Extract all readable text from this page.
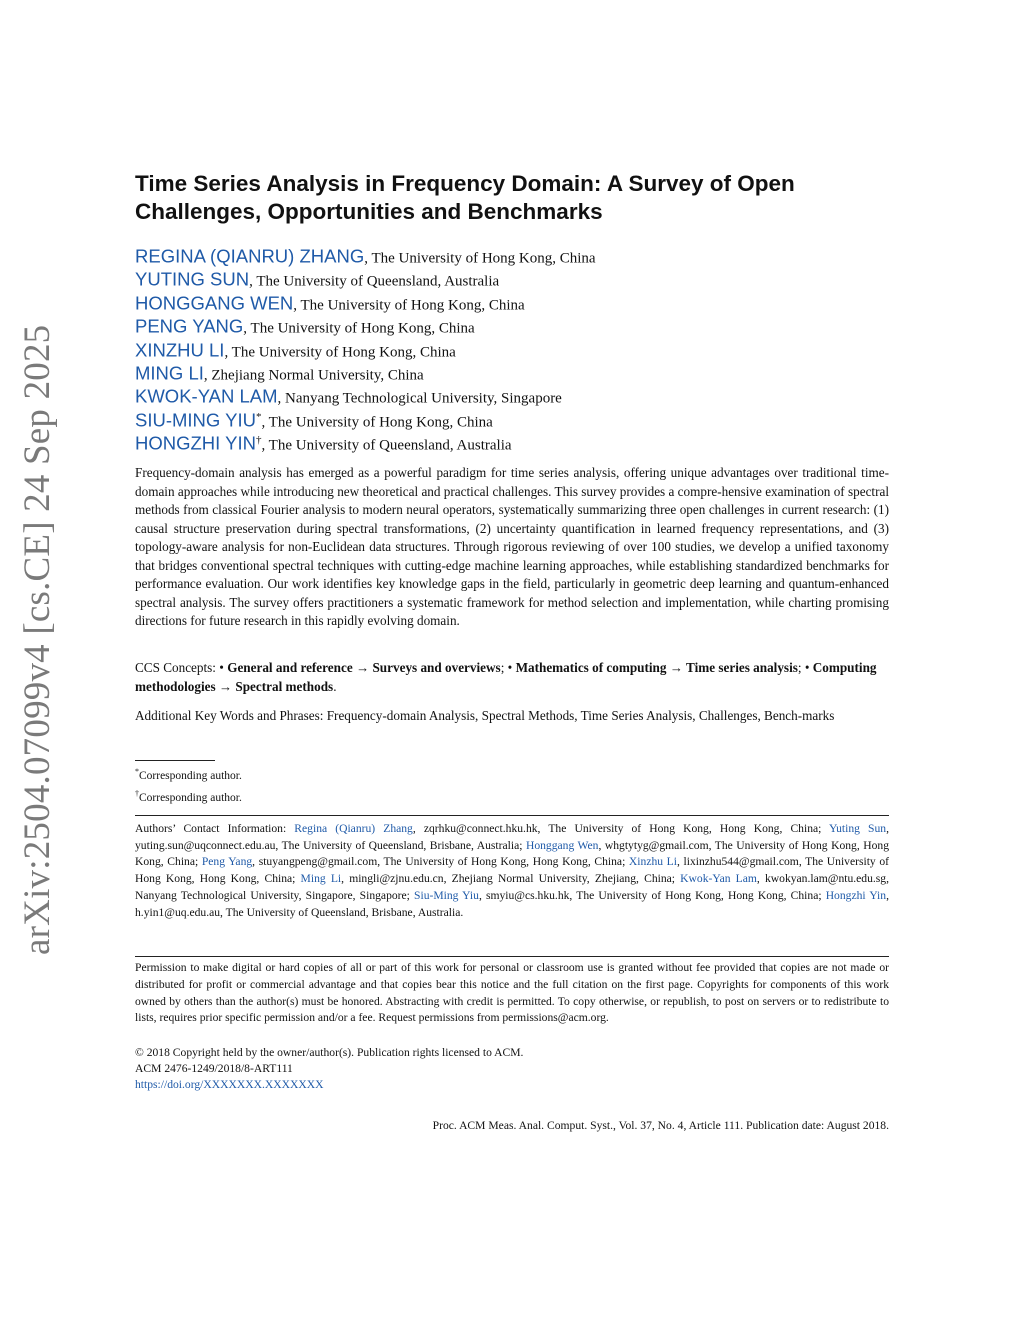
arXiv:2504.07099v4 [cs.CE] 24 Sep 2025
Time Series Analysis in Frequency Domain: A Survey of Open
Challenges, Opportunities and Benchmarks
REGINA (QIANRU) ZHANG, The University of Hong Kong, China
YUTING SUN, The University of Queensland, Australia
HONGGANG WEN, The University of Hong Kong, China
PENG YANG, The University of Hong Kong, China
XINZHU LI, The University of Hong Kong, China
MING LI, Zhejiang Normal University, China
KWOK-YAN LAM, Nanyang Technological University, Singapore
SIU-MING YIU*, The University of Hong Kong, China
HONGZHI YIN†, The University of Queensland, Australia

Frequency-domain analysis has emerged as a powerful paradigm for time series analysis, offering unique advantages over traditional time-domain approaches while introducing new theoretical and practical challenges. This survey provides a compre-hensive examination of spectral methods from classical Fourier analysis to modern neural operators, systematically summarizing three open challenges in current research: (1) causal structure preservation during spectral transformations, (2) uncertainty quantification in learned frequency representations, and (3) topology-aware analysis for non-Euclidean data structures. Through rigorous reviewing of over 100 studies, we develop a unified taxonomy that bridges conventional spectral techniques with cutting-edge machine learning approaches, while establishing standardized benchmarks for performance evaluation. Our work identifies key knowledge gaps in the field, particularly in geometric deep learning and quantum-enhanced spectral analysis. The survey offers practitioners a systematic framework for method selection and implementation, while charting promising directions for future research in this rapidly evolving domain.

CCS Concepts: • General and reference → Surveys and overviews; • Mathematics of computing → Time series analysis; • Computing methodologies → Spectral methods.

Additional Key Words and Phrases: Frequency-domain Analysis, Spectral Methods, Time Series Analysis, Challenges, Bench-marks

*Corresponding author.
†Corresponding author.

Authors’ Contact Information: Regina (Qianru) Zhang, zqrhku@connect.hku.hk, The University of Hong Kong, Hong Kong, China; Yuting Sun, yuting.sun@uqconnect.edu.au, The University of Queensland, Brisbane, Australia; Honggang Wen, whgtytyg@gmail.com, The University of Hong Kong, Hong Kong, China; Peng Yang, stuyangpeng@gmail.com, The University of Hong Kong, Hong Kong, China; Xinzhu Li, lixinzhu544@gmail.com, The University of Hong Kong, Hong Kong, China; Ming Li, mingli@zjnu.edu.cn, Zhejiang Normal University, Zhejiang, China; Kwok-Yan Lam, kwokyan.lam@ntu.edu.sg, Nanyang Technological University, Singapore, Singapore; Siu-Ming Yiu, smyiu@cs.hku.hk, The University of Hong Kong, Hong Kong, China; Hongzhi Yin, h.yin1@uq.edu.au, The University of Queensland, Brisbane, Australia.

Permission to make digital or hard copies of all or part of this work for personal or classroom use is granted without fee provided that copies are not made or distributed for profit or commercial advantage and that copies bear this notice and the full citation on the first page. Copyrights for components of this work owned by others than the author(s) must be honored. Abstracting with credit is permitted. To copy otherwise, or republish, to post on servers or to redistribute to lists, requires prior specific permission and/or a fee. Request permissions from permissions@acm.org.

© 2018 Copyright held by the owner/author(s). Publication rights licensed to ACM.
ACM 2476-1249/2018/8-ART111
https://doi.org/XXXXXXX.XXXXXXX
Proc. ACM Meas. Anal. Comput. Syst., Vol. 37, No. 4, Article 111. Publication date: August 2018.
